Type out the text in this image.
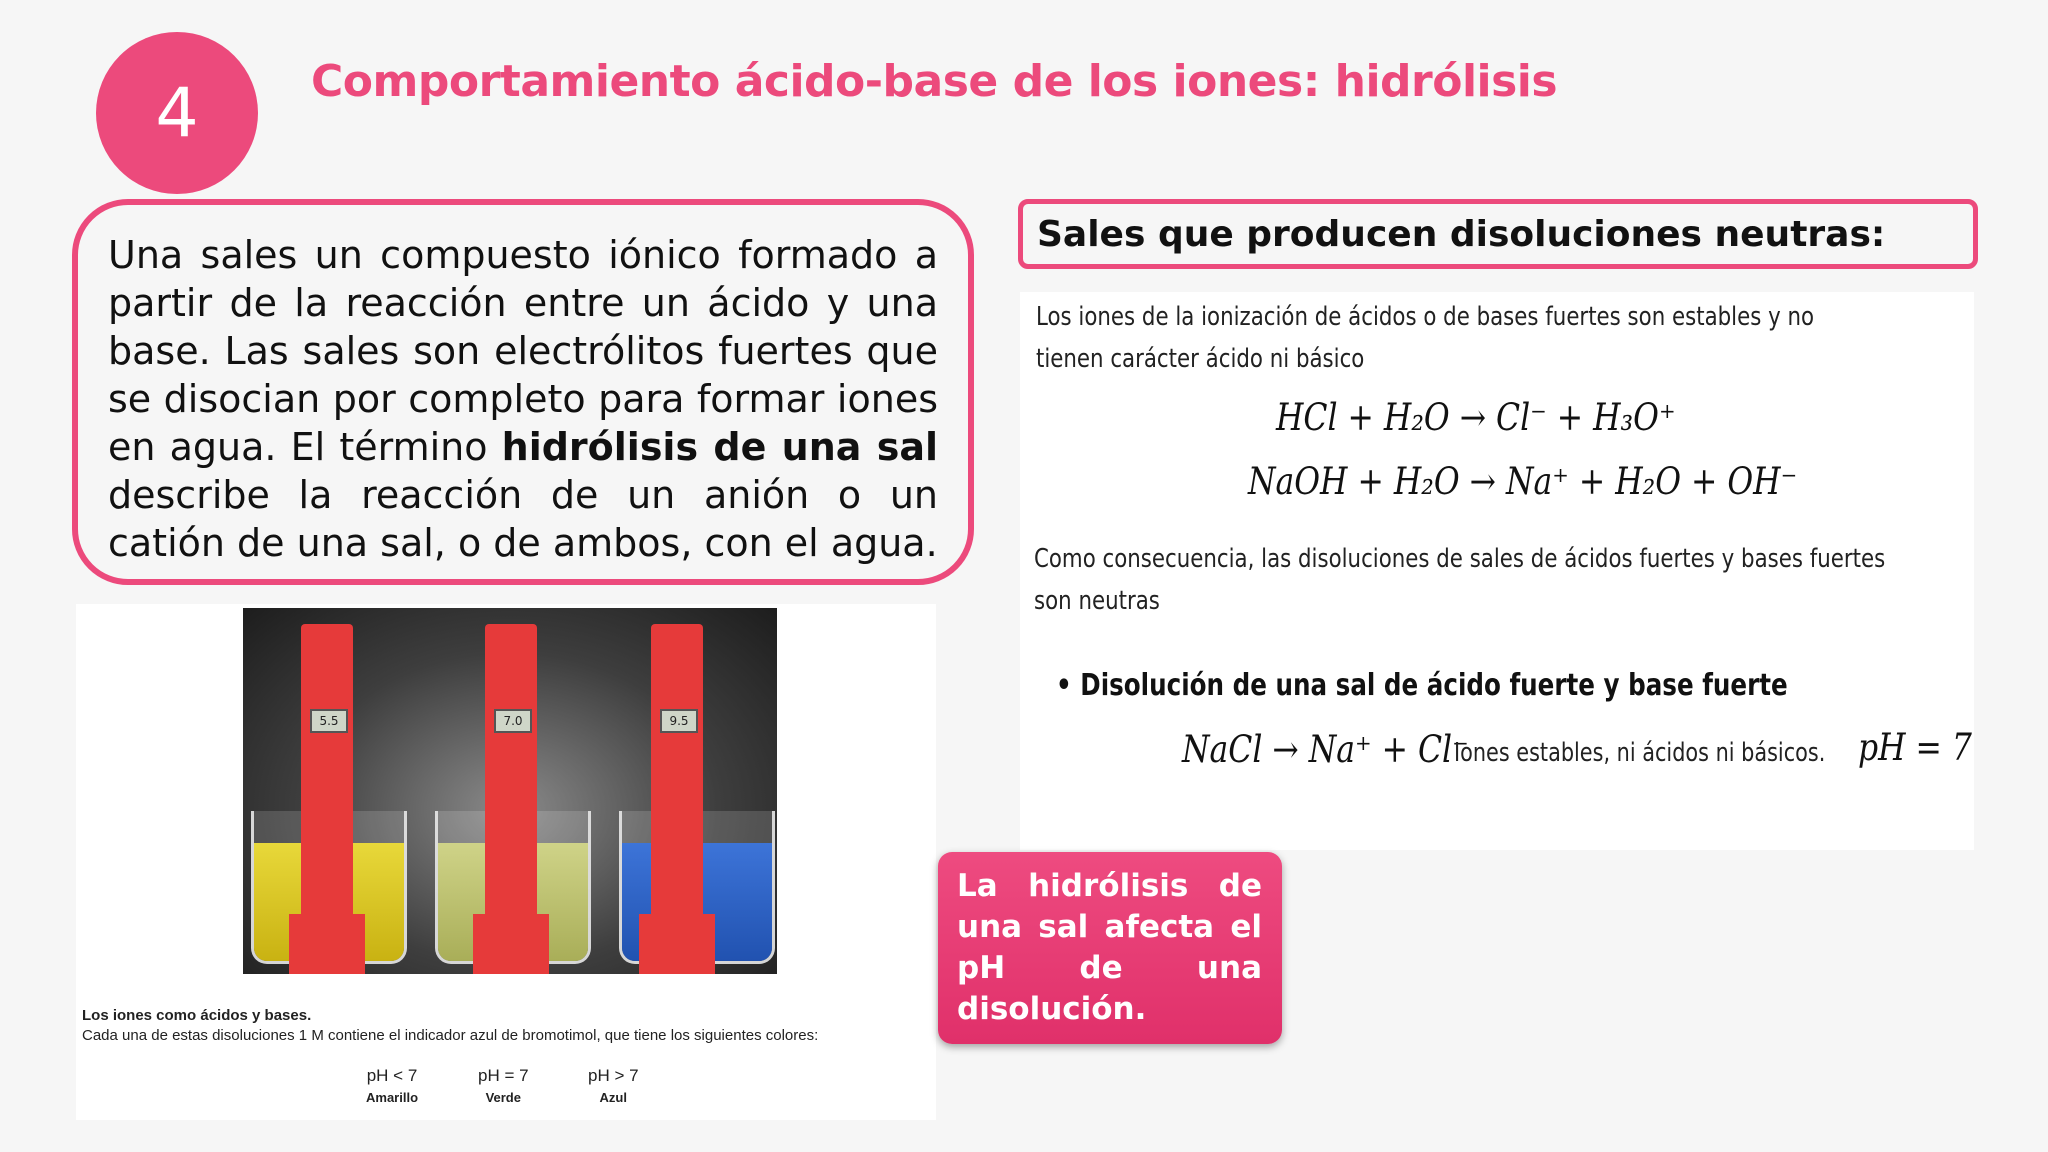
4	Comportamiento ácido-base de los iones: hidrólisis

Una sales un compuesto iónico formado a partir de la reacción entre un ácido y una base. Las sales son electrólitos fuertes que se disocian por completo para formar iones en agua. El término hidrólisis de una sal describe la reacción de un anión o un catión de una sal, o de ambos, con el agua.

5.5	7.0	9.5
Los iones como ácidos y bases.
Cada una de estas disoluciones 1 M contiene el indicador azul de bromotimol, que tiene los siguientes colores:
pH < 7
Amarillo
pH = 7
Verde
pH > 7
Azul
Sales que producen disoluciones neutras:
Los iones de la ionización de ácidos o de bases fuertes son estables y no
tienen carácter ácido ni básico
HCl + H₂O → Cl⁻ + H₃O⁺
NaOH + H₂O → Na⁺ + H₂O + OH⁻
Como consecuencia, las disoluciones de sales de ácidos fuertes y bases fuertes
son neutras
• Disolución de una sal de ácido fuerte y base fuerte
NaCl → Na⁺ + Cl⁻
Iones estables, ni ácidos ni básicos. pH = 7
La hidrólisis de una sal afecta el pH de una disolución.
